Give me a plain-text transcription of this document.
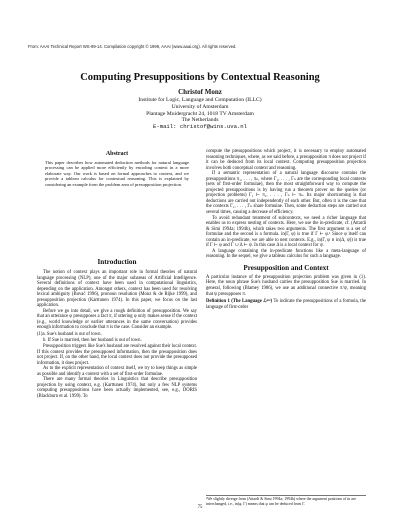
From: AAAI Technical Report WS-99-14. Compilation copyright © 1999, AAAI (www.aaai.org). All rights reserved.
Computing Presuppositions by Contextual Reasoning
Christof Monz
Institute for Logic, Language and Computation (ILLC)
University of Amsterdam
Plantage Muidergracht 24, 1018 TV Amsterdam
The Netherlands
E-mail: christof@wins.uva.nl
Abstract

This paper describes how automated deduction methods for natural language processing can be applied more efficiently by encoding context in a more elaborate way. Our work is based on formal approaches to context, and we provide a tableau calculus for contextual reasoning. This is explained by considering an example from the problem area of presupposition projection.

Introduction

The notion of context plays an important role in formal theories of natural language processing (NLP), one of the major subareas of Artificial Intelligence. Several definitions of context have been used in computational linguistics, depending on the application. Amongst others, context has been used for resolving lexical ambiguity (Buvač 1996), pronoun resolution (Monz & de Rijke 1999), and presupposition projection (Karttunen 1974). In this paper, we focus on the last application.

Before we go into detail, we give a rough definition of presupposition. We say that an utterance φ presupposes a fact π, if uttering φ only makes sense if the context (e.g., world knowledge or earlier utterances in the same conversation) provides enough information to conclude that π is the case. Consider an example.

(1)a. Sue's husband is out of town.

b. If Sue is married, then her husband is out of town.

Presupposition triggers like Sue's husband are resolved against their local context. If this context provides the presupposed information, then the presupposition does not project. If, on the other hand, the local context does not provide the presupposed information, it does project.

As to the explicit representation of context itself, we try to keep things as simple as possible and identify a context with a set of first-order formulae.

There are many formal theories in Linguistics that describe presupposition projection by using context, e.g. (Karttunen 1974), but only a few NLP systems computing presuppositions have been actually implemented, see, e.g., DORIS (Blackburn et al. 1999). To

compute the presuppositions which project, it is necessary to employ automated reasoning techniques, where, as we said before, a presupposition π does not project if it can be deduced from its local context. Computing presupposition projection involves both conceptual context and reasoning.

If a semantic representation of a natural language discourse contains the presuppositions π₁, . . . , πₙ, where Γ₁, . . . , Γₙ are the corresponding local contexts (sets of first-order formulae), then the most straightforward way to compute the projected presuppositions is by having run a theorem prover on the queries (or projection problems) Γ₁ ⊢ π₁, . . . , Γₙ ⊢ πₙ. Its major shortcoming is that deductions are carried out independently of each other. But, often it is the case that the contexts Γ₁, . . . , Γₙ share formulae. Then, some deduction steps are carried out several times, causing a decrease of efficiency.

To avoid redundant treatment of subcontexts, we need a richer language that enables us to express nesting of contexts. Here, we use the in-predicate, cf. (Attardi & Simi 1994a; 1994b), which takes two arguments. The first argument is a set of formulae and the second is a formula. in(Γ, φ) is true if Γ ⊢ φ.¹ Since φ itself can contain an in-predicate, we are able to nest contexts. E.g., in(Γ, φ ∧ in(Δ, ψ)) is true if Γ ⊢ φ and Γ ∪ Δ ⊢ ψ. In this case Δ is a local context for ψ.

A language containing the in-predicate functions like a meta-language of reasoning. In the sequel, we give a tableau calculus for such a language.

Presupposition and Context

A particular instance of the presupposition projection problem was given in (1). Here, the noun phrase Sue's husband carries the presupposition Sue is married. In general, following (Blamey 1986), we use an additional connective π/ψ, meaning that ψ presupposes π.

Definition 1 (The Language ℒᵖʳᵉ) To indicate the presuppositions of a formula, the language of first-order

¹We slightly diverge from (Attardi & Simi 1994a; 1994b) where the argument positions of in are interchanged, i.e., in(φ, Γ) means that φ can be deduced from Γ.
75
